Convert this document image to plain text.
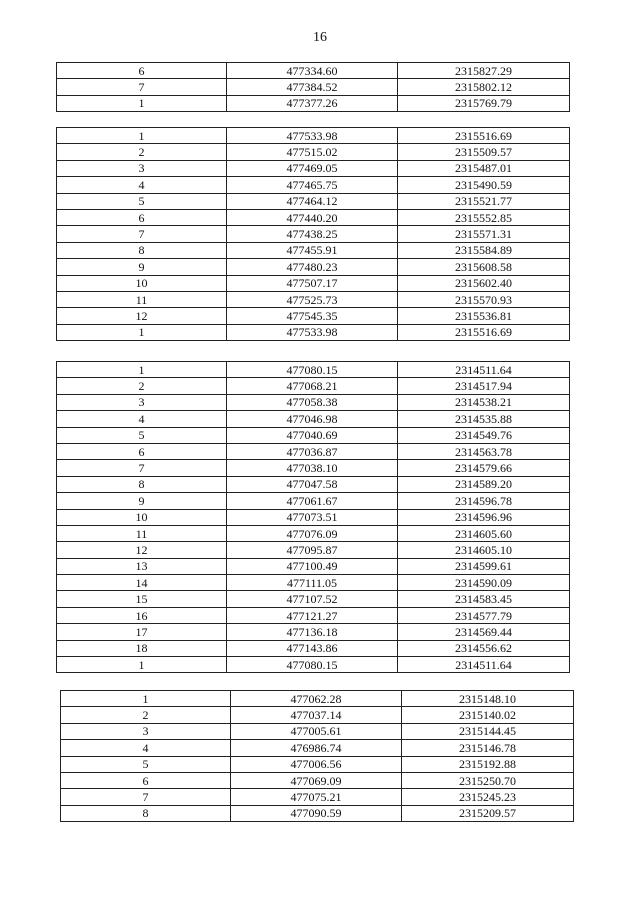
16
6	477334.60	2315827.29
7	477384.52	2315802.12
1	477377.26	2315769.79
1	477533.98	2315516.69
2	477515.02	2315509.57
3	477469.05	2315487.01
4	477465.75	2315490.59
5	477464.12	2315521.77
6	477440.20	2315552.85
7	477438.25	2315571.31
8	477455.91	2315584.89
9	477480.23	2315608.58
10	477507.17	2315602.40
11	477525.73	2315570.93
12	477545.35	2315536.81
1	477533.98	2315516.69
1	477080.15	2314511.64
2	477068.21	2314517.94
3	477058.38	2314538.21
4	477046.98	2314535.88
5	477040.69	2314549.76
6	477036.87	2314563.78
7	477038.10	2314579.66
8	477047.58	2314589.20
9	477061.67	2314596.78
10	477073.51	2314596.96
11	477076.09	2314605.60
12	477095.87	2314605.10
13	477100.49	2314599.61
14	477111.05	2314590.09
15	477107.52	2314583.45
16	477121.27	2314577.79
17	477136.18	2314569.44
18	477143.86	2314556.62
1	477080.15	2314511.64
1	477062.28	2315148.10
2	477037.14	2315140.02
3	477005.61	2315144.45
4	476986.74	2315146.78
5	477006.56	2315192.88
6	477069.09	2315250.70
7	477075.21	2315245.23
8	477090.59	2315209.57
